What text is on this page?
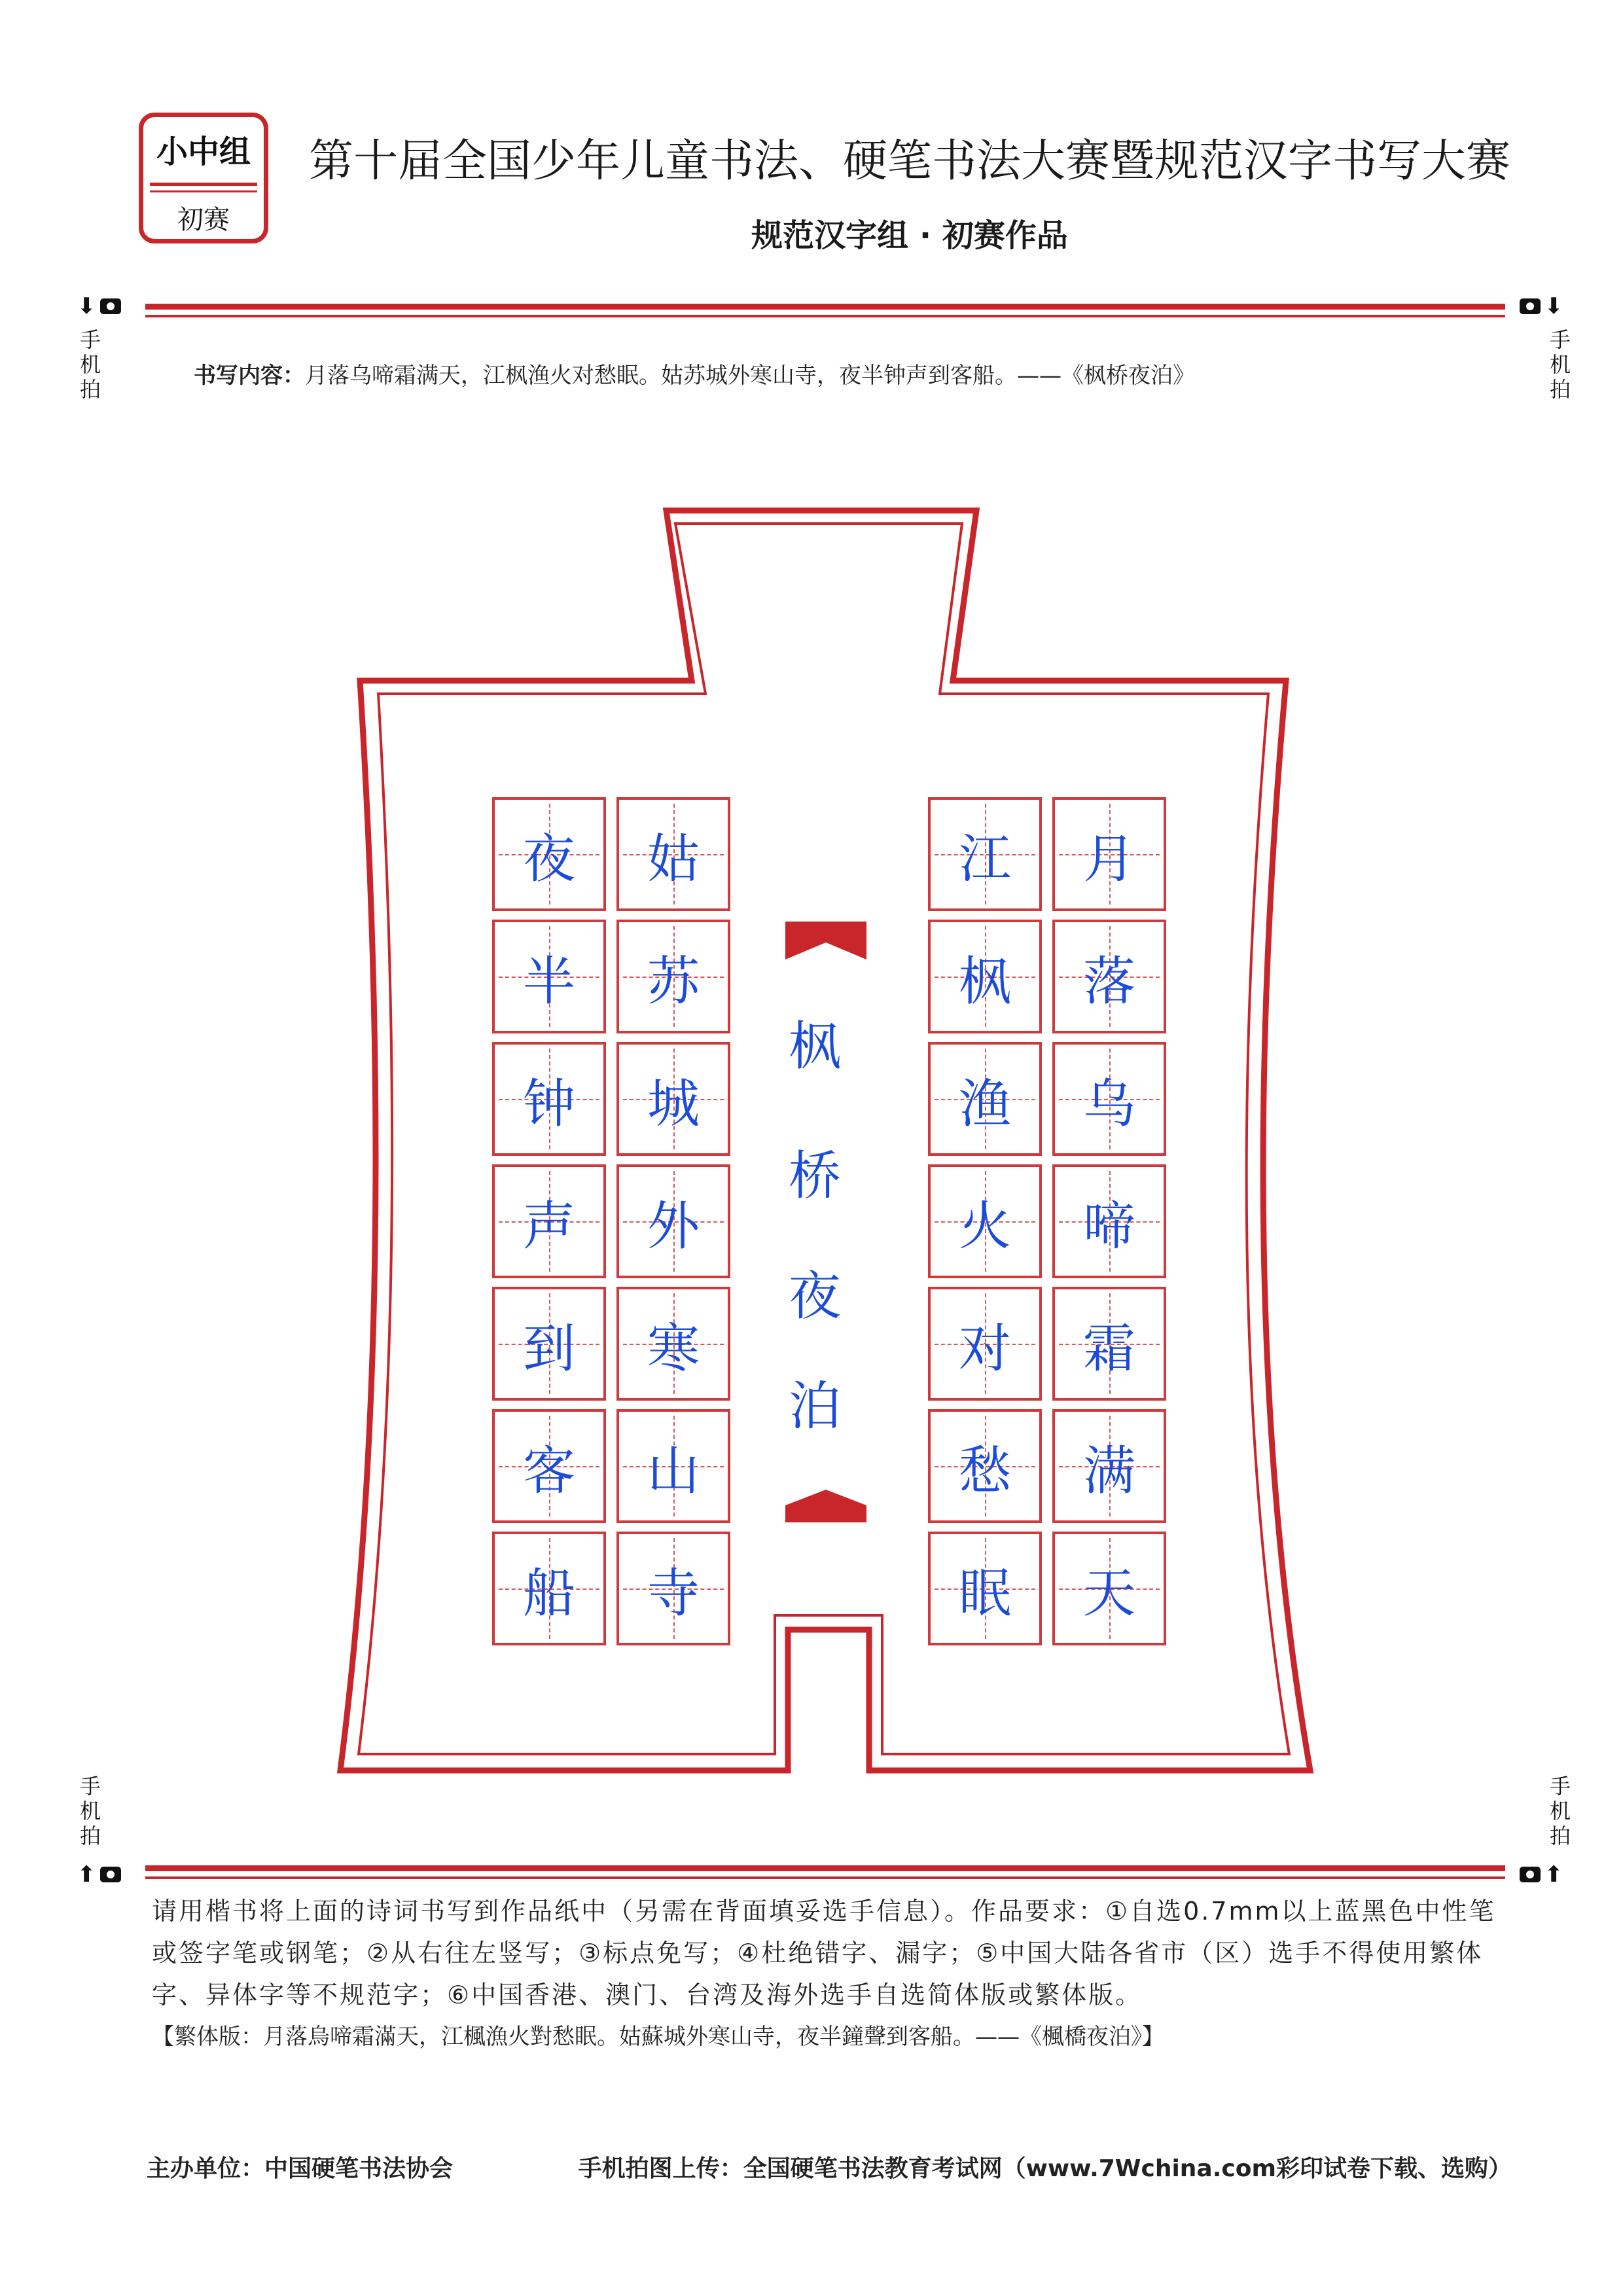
小中组
初赛
第十届全国少年儿童书法、硬笔书法大赛暨规范汉字书写大赛
规范汉字组 · 初赛作品
⬇
手
机
拍
⬇
手
机
拍
书写内容： 月落乌啼霜满天，江枫渔火对愁眠。姑苏城外寒山寺，夜半钟声到客船。——《枫桥夜泊》
月
落
乌
啼
霜
满
天
江
枫
渔
火
对
愁
眠
姑
苏
城
外
寒
山
寺
夜
半
钟
声
到
客
船
枫
桥
夜
泊
手
机
拍
⬆
手
机
拍
⬆
请用楷书将上面的诗词书写到作品纸中（另需在背面填妥选手信息）。作品要求：①自选0.7mm以上蓝黑色中性笔或签字笔或钢笔；②从右往左竖写；③标点免写；④杜绝错字、漏字；⑤中国大陆各省市（区）选手不得使用繁体字、异体字等不规范字；⑥中国香港、澳门、台湾及海外选手自选简体版或繁体版。
【繁体版：月落烏啼霜滿天，江楓漁火對愁眠。姑蘇城外寒山寺，夜半鐘聲到客船。——《楓橋夜泊》】
主办单位：中国硬笔书法协会	手机拍图上传：全国硬笔书法教育考试网（www.7Wchina.com彩印试卷下载、选购）
